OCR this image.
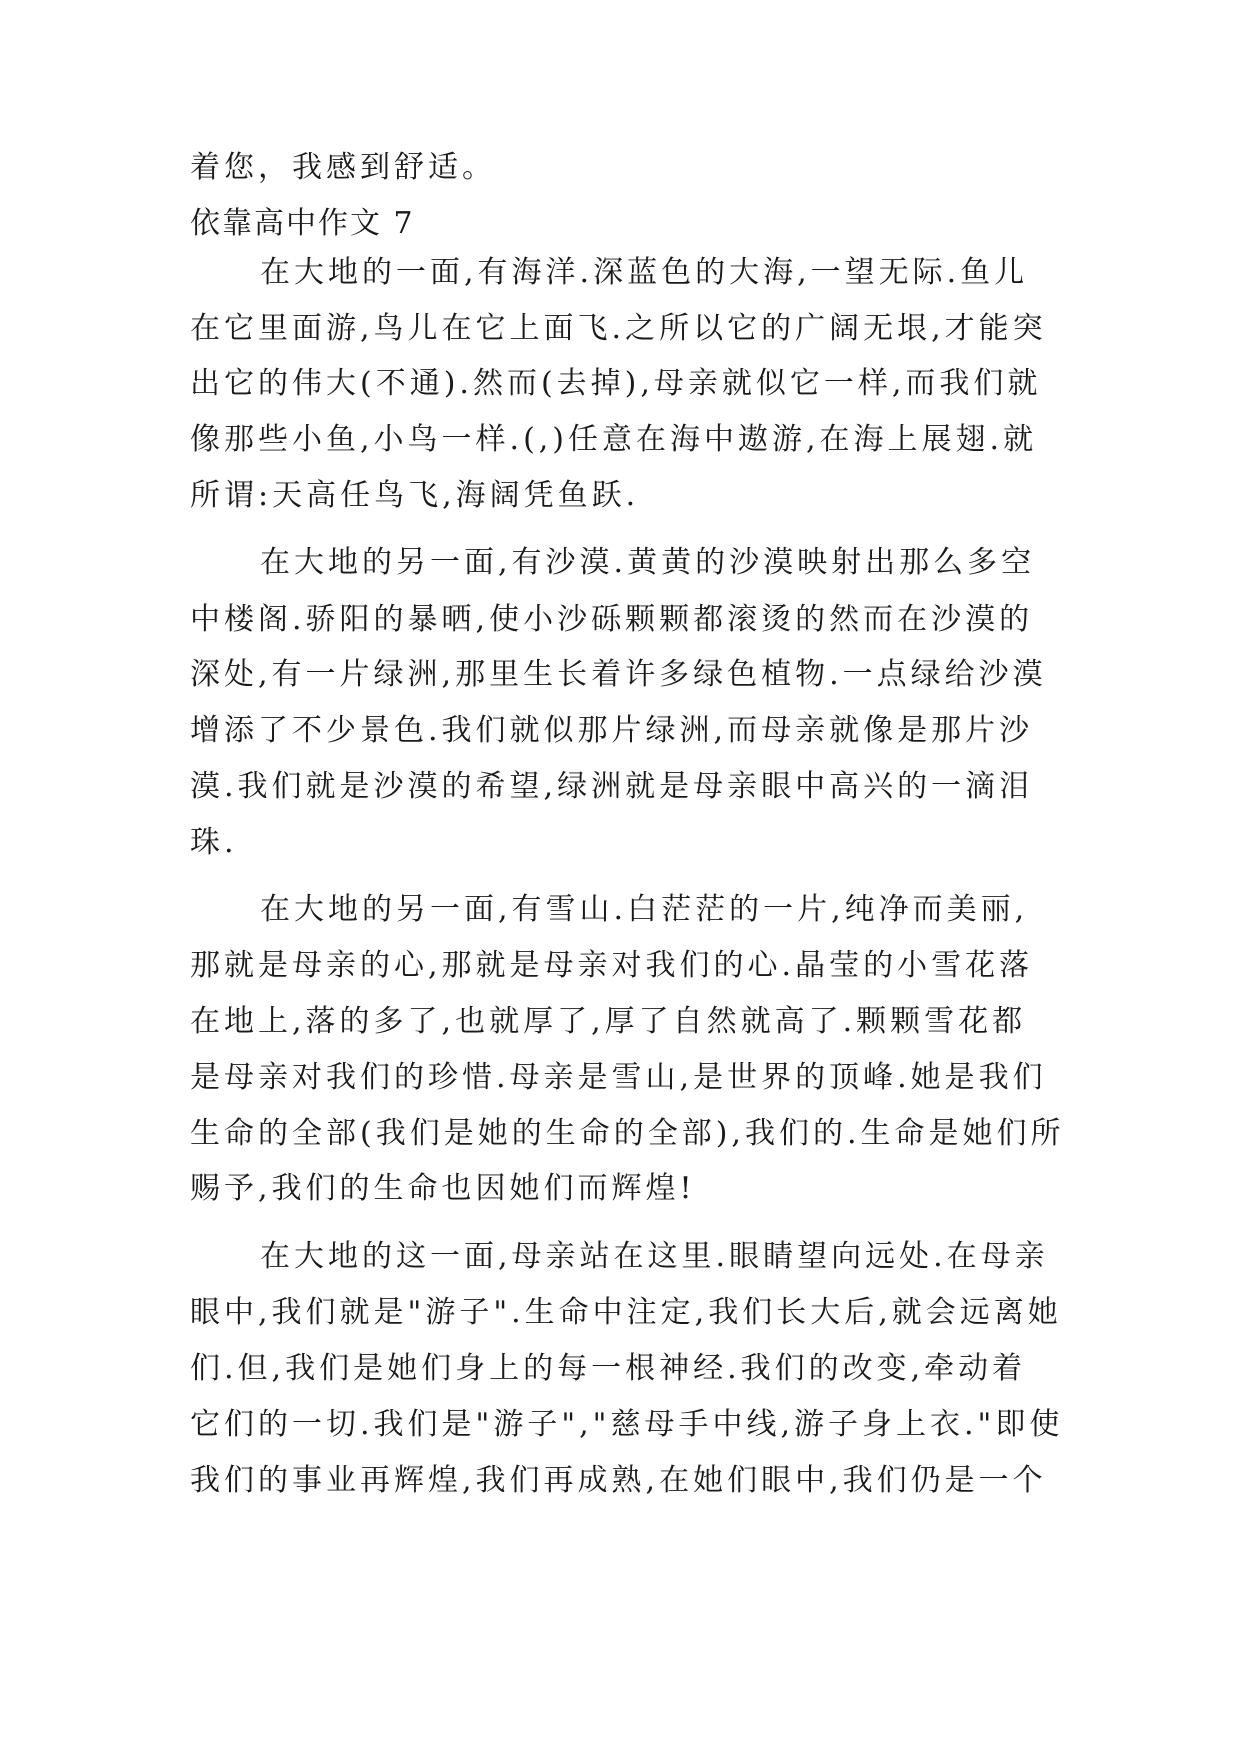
着您，我感到舒适。
依靠高中作文 7
在大地的一面,有海洋.深蓝色的大海,一望无际.鱼儿
在它里面游,鸟儿在它上面飞.之所以它的广阔无垠,才能突
出它的伟大(不通).然而(去掉),母亲就似它一样,而我们就
像那些小鱼,小鸟一样.(,)任意在海中遨游,在海上展翅.就
所谓:天高任鸟飞,海阔凭鱼跃.
在大地的另一面,有沙漠.黄黄的沙漠映射出那么多空
中楼阁.骄阳的暴晒,使小沙砾颗颗都滚烫的然而在沙漠的
深处,有一片绿洲,那里生长着许多绿色植物.一点绿给沙漠
增添了不少景色.我们就似那片绿洲,而母亲就像是那片沙
漠.我们就是沙漠的希望,绿洲就是母亲眼中高兴的一滴泪
珠.
在大地的另一面,有雪山.白茫茫的一片,纯净而美丽,
那就是母亲的心,那就是母亲对我们的心.晶莹的小雪花落
在地上,落的多了,也就厚了,厚了自然就高了.颗颗雪花都
是母亲对我们的珍惜.母亲是雪山,是世界的顶峰.她是我们
生命的全部(我们是她的生命的全部),我们的.生命是她们所
赐予,我们的生命也因她们而辉煌!
在大地的这一面,母亲站在这里.眼睛望向远处.在母亲
眼中,我们就是"游子".生命中注定,我们长大后,就会远离她
们.但,我们是她们身上的每一根神经.我们的改变,牵动着
它们的一切.我们是"游子","慈母手中线,游子身上衣."即使
我们的事业再辉煌,我们再成熟,在她们眼中,我们仍是一个
